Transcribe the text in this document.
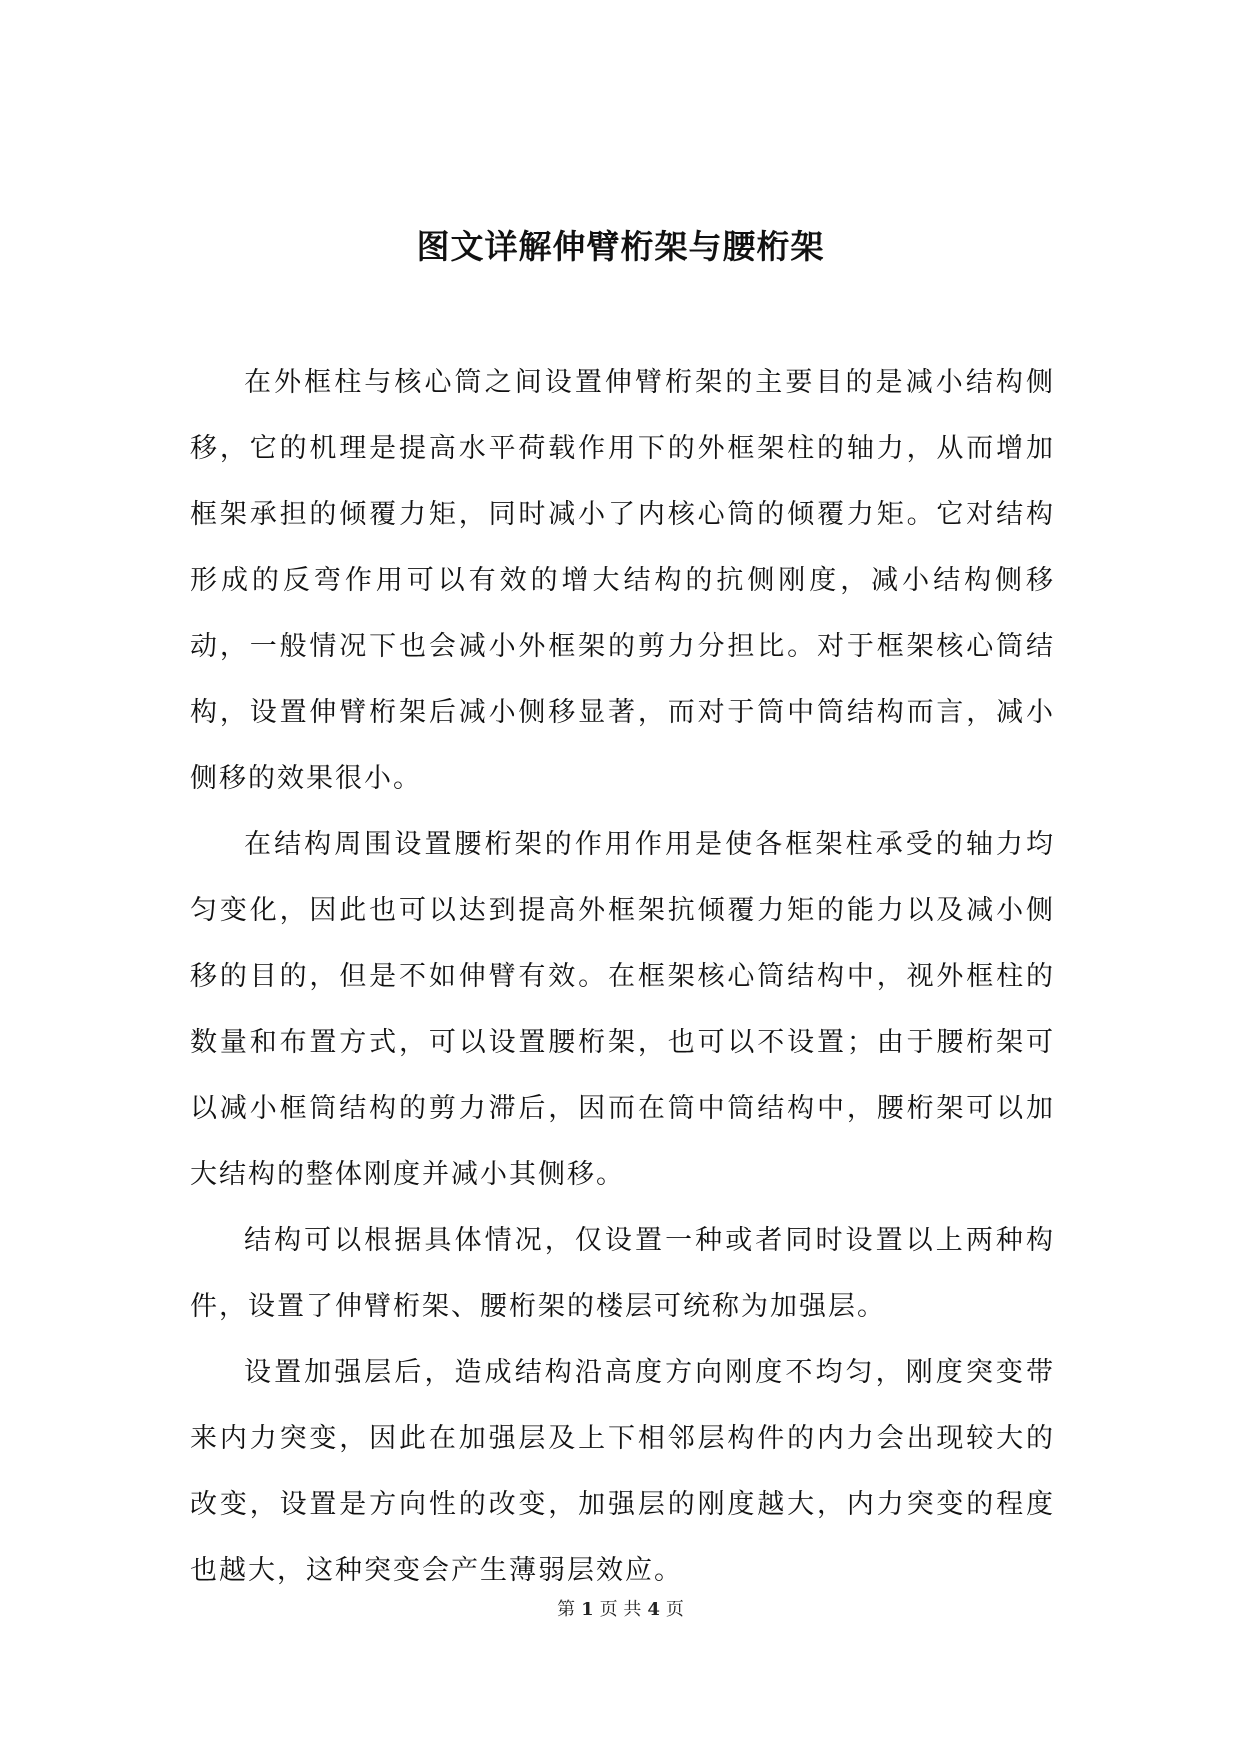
图文详解伸臂桁架与腰桁架

在外框柱与核心筒之间设置伸臂桁架的主要目的是减小结构侧移，它的机理是提高水平荷载作用下的外框架柱的轴力，从而增加框架承担的倾覆力矩，同时减小了内核心筒的倾覆力矩。它对结构形成的反弯作用可以有效的增大结构的抗侧刚度，减小结构侧移动，一般情况下也会减小外框架的剪力分担比。对于框架核心筒结构，设置伸臂桁架后减小侧移显著，而对于筒中筒结构而言，减小侧移的效果很小。

在结构周围设置腰桁架的作用作用是使各框架柱承受的轴力均匀变化，因此也可以达到提高外框架抗倾覆力矩的能力以及减小侧移的目的，但是不如伸臂有效。在框架核心筒结构中，视外框柱的数量和布置方式，可以设置腰桁架，也可以不设置；由于腰桁架可以减小框筒结构的剪力滞后，因而在筒中筒结构中，腰桁架可以加大结构的整体刚度并减小其侧移。

结构可以根据具体情况，仅设置一种或者同时设置以上两种构件，设置了伸臂桁架、腰桁架的楼层可统称为加强层。

设置加强层后，造成结构沿高度方向刚度不均匀，刚度突变带来内力突变，因此在加强层及上下相邻层构件的内力会出现较大的改变，设置是方向性的改变，加强层的刚度越大，内力突变的程度也越大，这种突变会产生薄弱层效应。

第 1 页 共 4 页
